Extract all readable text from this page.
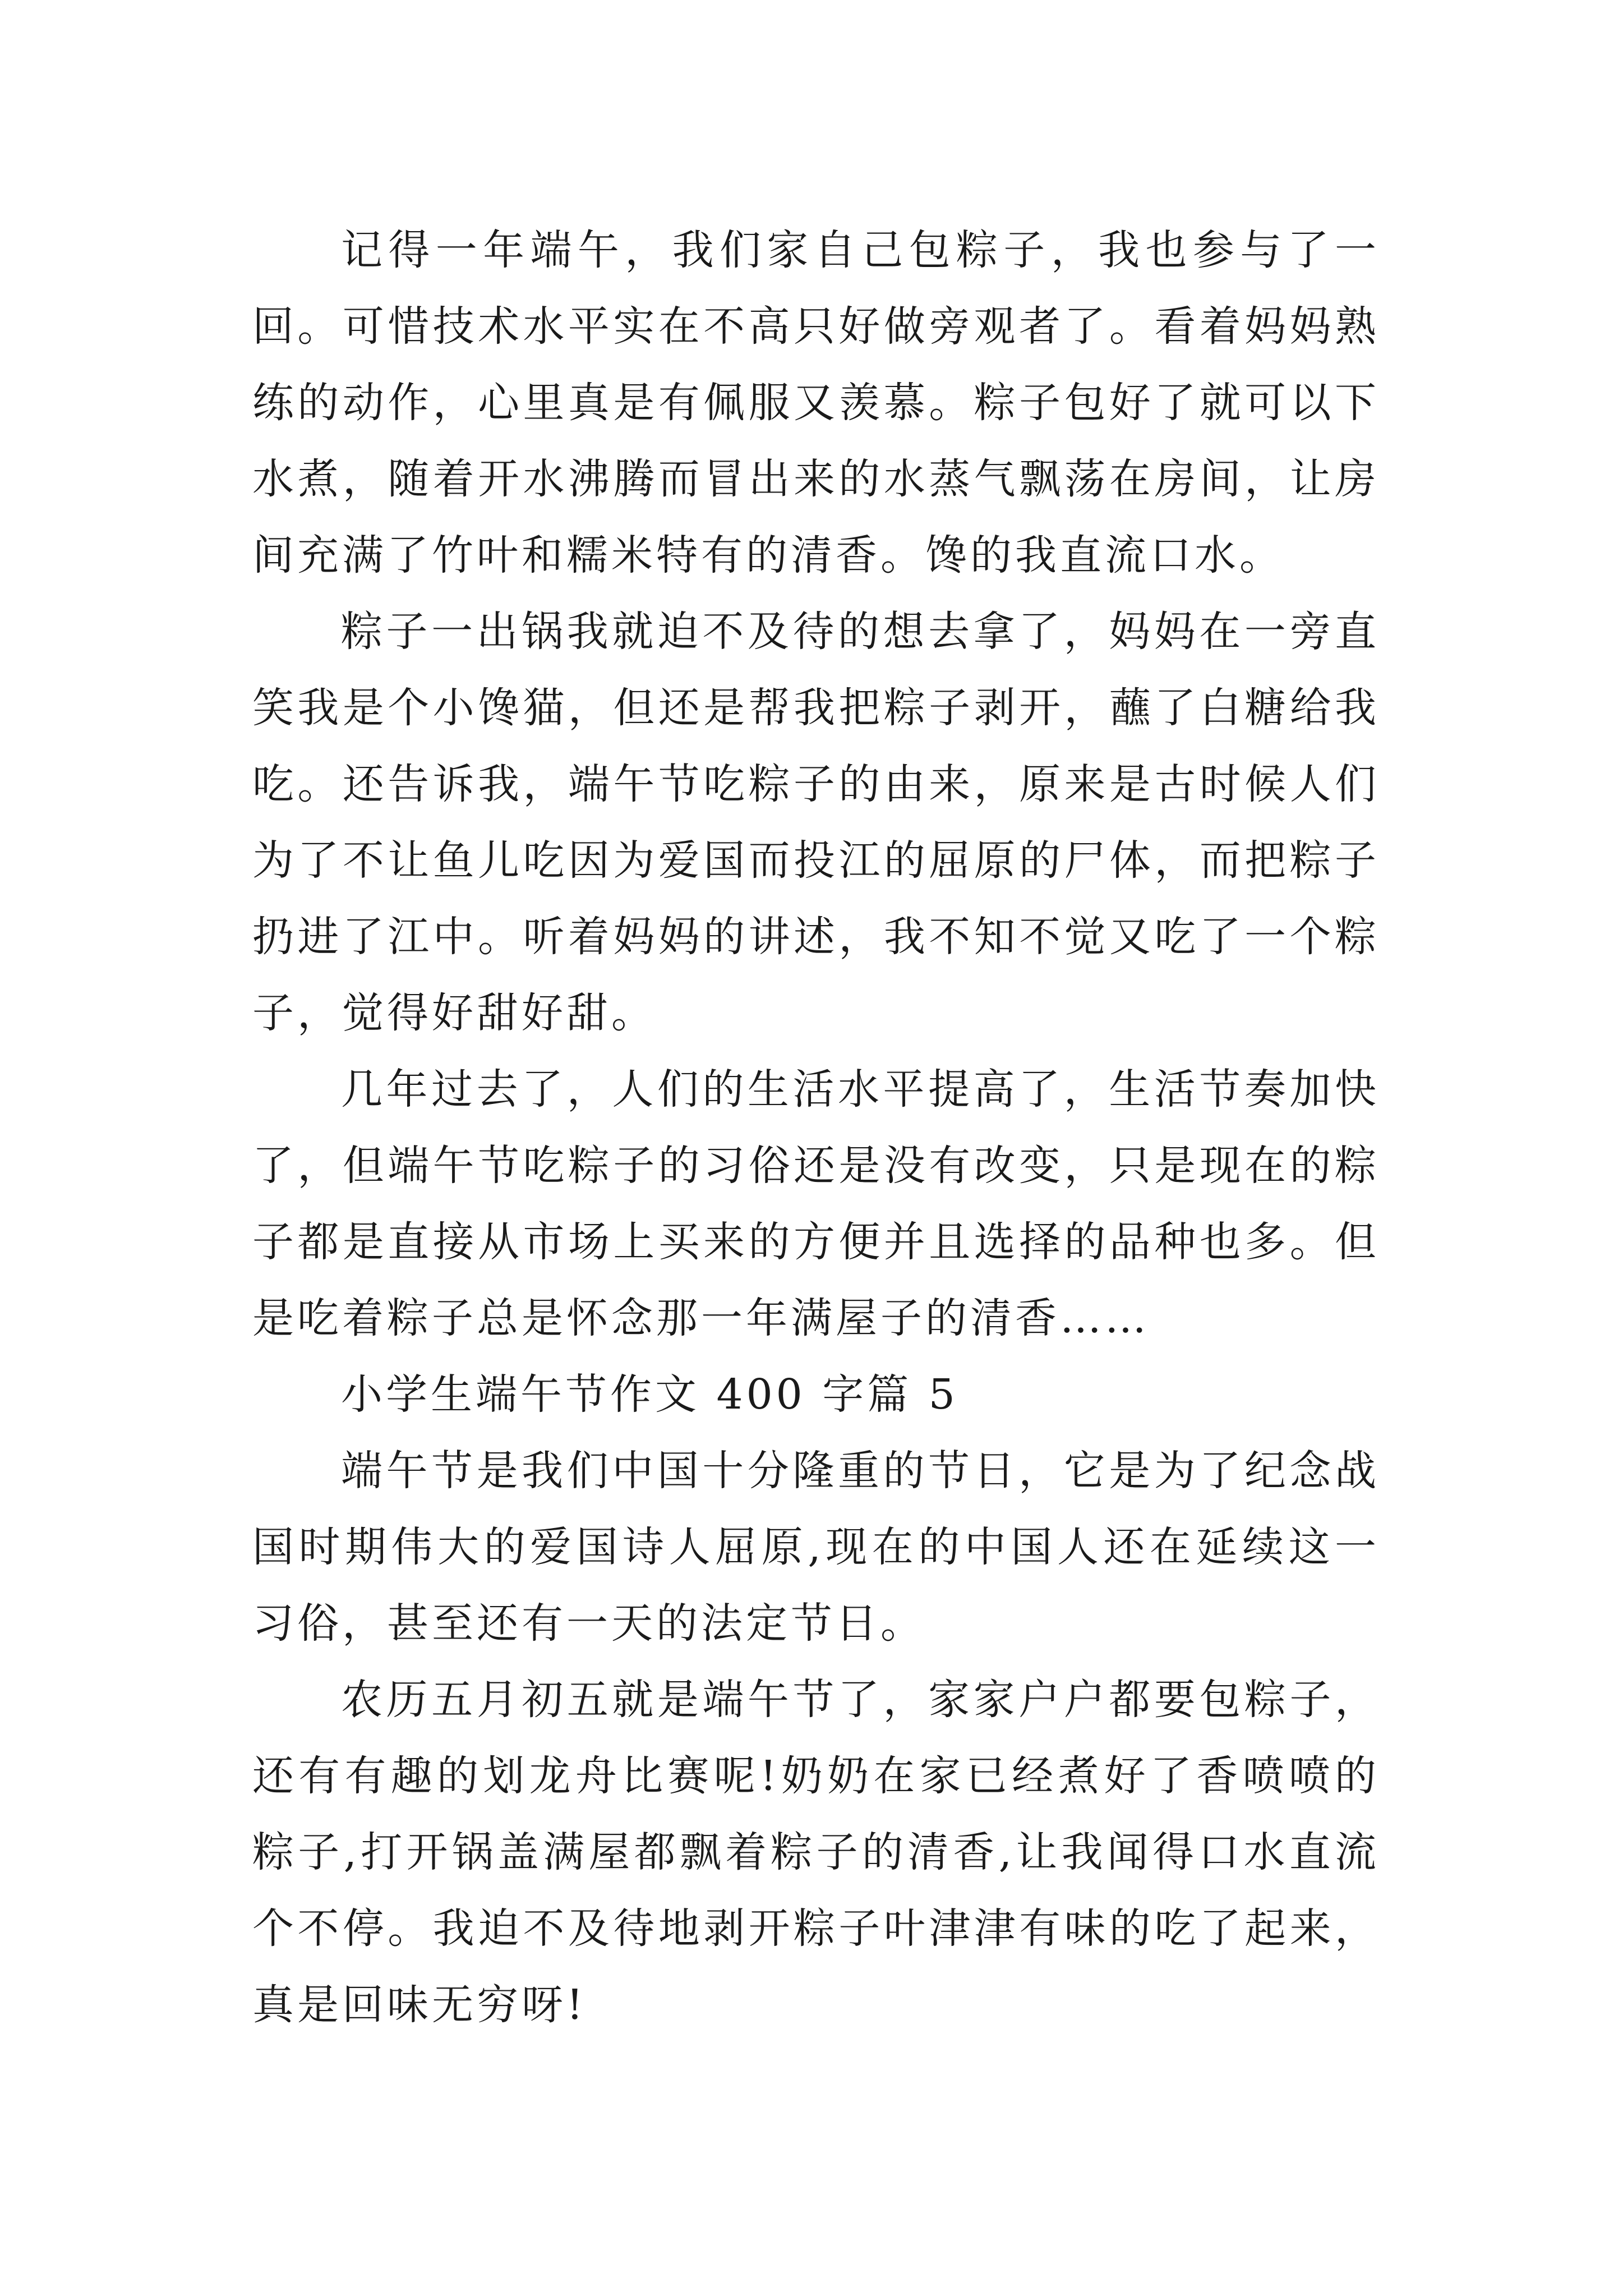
记得一年端午，我们家自己包粽子，我也参与了一回。可惜技术水平实在不高只好做旁观者了。看着妈妈熟练的动作，心里真是有佩服又羡慕。粽子包好了就可以下水煮，随着开水沸腾而冒出来的水蒸气飘荡在房间，让房间充满了竹叶和糯米特有的清香。馋的我直流口水。

粽子一出锅我就迫不及待的想去拿了，妈妈在一旁直笑我是个小馋猫，但还是帮我把粽子剥开，蘸了白糖给我吃。还告诉我，端午节吃粽子的由来，原来是古时候人们为了不让鱼儿吃因为爱国而投江的屈原的尸体，而把粽子扔进了江中。听着妈妈的讲述，我不知不觉又吃了一个粽子，觉得好甜好甜。

几年过去了，人们的生活水平提高了，生活节奏加快了，但端午节吃粽子的习俗还是没有改变，只是现在的粽子都是直接从市场上买来的方便并且选择的品种也多。但是吃着粽子总是怀念那一年满屋子的清香……

小学生端午节作文 400 字篇 5

端午节是我们中国十分隆重的节日，它是为了纪念战国时期伟大的爱国诗人屈原,现在的中国人还在延续这一习俗，甚至还有一天的法定节日。

农历五月初五就是端午节了，家家户户都要包粽子，还有有趣的划龙舟比赛呢!奶奶在家已经煮好了香喷喷的粽子,打开锅盖满屋都飘着粽子的清香,让我闻得口水直流个不停。我迫不及待地剥开粽子叶津津有味的吃了起来，真是回味无穷呀!
